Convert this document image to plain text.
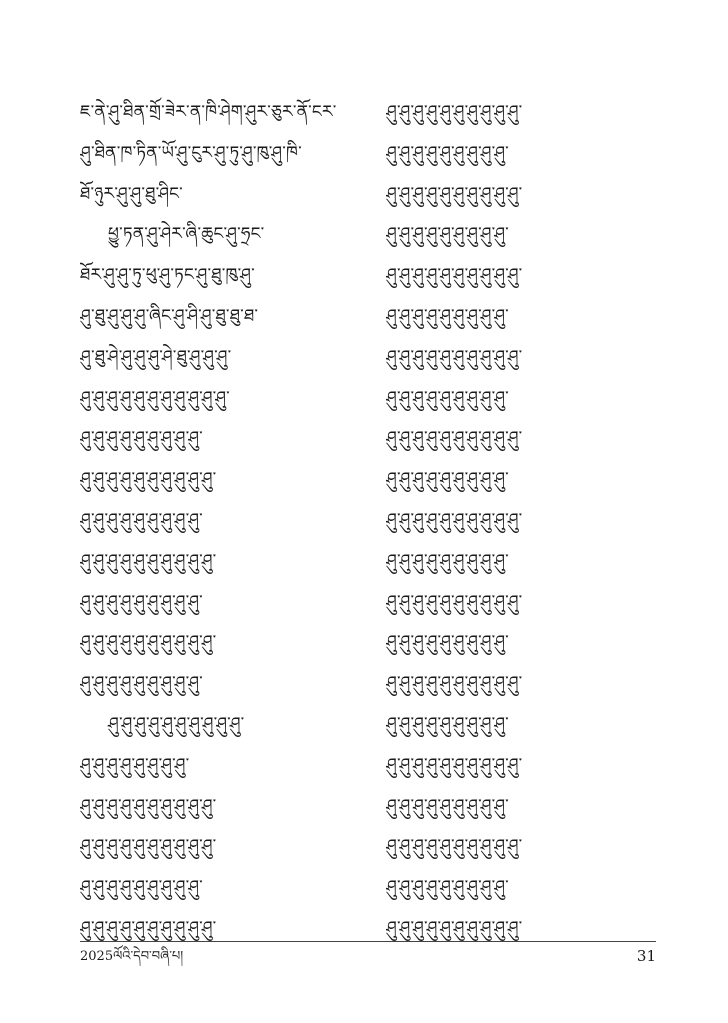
ཇ་ནེ་ཤུ་ཐིན་གྲོ་ཟེར་ན་ཁི་ཤེག་ཤུར་ཅུར་ནོ་ངར་
ཤུ་ཐིན་ཁ་ཏིན་ཡོ་ཤུ་ངུར་ཤུ་ཏུ་ཤུ་ཁུ་ཤུ་ཁི་
ཐོ་ཉུར་ཤུ་ཤུ་ཐུ་ཤིང་
ཕྱུ་ཏན་ཤུ་ཤེར་ཞི་ཆུང་ཤུ་ཧྲང་
ཐོར་ཤུ་ཤུ་ཏུ་ཕུ་ཤུ་ཏང་ཤུ་ཐུ་ཁུ་ཤུ་
ཤུ་ཐུ་ཤུ་ཤུ་ཤུ་ཞིང་ཤུ་ཤི་ཤུ་ཐུ་ཐུ་ཐ་
ཤུ་ཐུ་ཤེ་ཤུ་ཤུ་ཤུ་ཤེ་ཐུ་ཤུ་ཤུ་ཤུ་
ཤུ་ཤུ་ཤུ་ཤུ་ཤུ་ཤུ་ཤུ་ཤུ་ཤུ་ཤུ་ཤུ་
ཤུ་ཤུ་ཤུ་ཤུ་ཤུ་ཤུ་ཤུ་ཤུ་ཤུ་
ཤུ་ཤུ་ཤུ་ཤུ་ཤུ་ཤུ་ཤུ་ཤུ་ཤུ་ཤུ་
ཤུ་ཤུ་ཤུ་ཤུ་ཤུ་ཤུ་ཤུ་ཤུ་ཤུ་
ཤུ་ཤུ་ཤུ་ཤུ་ཤུ་ཤུ་ཤུ་ཤུ་ཤུ་ཤུ་
ཤུ་ཤུ་ཤུ་ཤུ་ཤུ་ཤུ་ཤུ་ཤུ་ཤུ་
ཤུ་ཤུ་ཤུ་ཤུ་ཤུ་ཤུ་ཤུ་ཤུ་ཤུ་ཤུ་
ཤུ་ཤུ་ཤུ་ཤུ་ཤུ་ཤུ་ཤུ་ཤུ་ཤུ་
ཤུ་ཤུ་ཤུ་ཤུ་ཤུ་ཤུ་ཤུ་ཤུ་ཤུ་ཤུ་
ཤུ་ཤུ་ཤུ་ཤུ་ཤུ་ཤུ་ཤུ་ཤུ་
ཤུ་ཤུ་ཤུ་ཤུ་ཤུ་ཤུ་ཤུ་ཤུ་ཤུ་ཤུ་
ཤུ་ཤུ་ཤུ་ཤུ་ཤུ་ཤུ་ཤུ་ཤུ་ཤུ་ཤུ་
ཤུ་ཤུ་ཤུ་ཤུ་ཤུ་ཤུ་ཤུ་ཤུ་ཤུ་
ཤུ་ཤུ་ཤུ་ཤུ་ཤུ་ཤུ་ཤུ་ཤུ་ཤུ་ཤུ་
ཤུ་ཤུ་ཤུ་ཤུ་ཤུ་ཤུ་ཤུ་ཤུ་ཤུ་ཤུ་
ཤུ་ཤུ་ཤུ་ཤུ་ཤུ་ཤུ་ཤུ་ཤུ་ཤུ་
ཤུ་ཤུ་ཤུ་ཤུ་ཤུ་ཤུ་ཤུ་ཤུ་ཤུ་ཤུ་
ཤུ་ཤུ་ཤུ་ཤུ་ཤུ་ཤུ་ཤུ་ཤུ་ཤུ་
ཤུ་ཤུ་ཤུ་ཤུ་ཤུ་ཤུ་ཤུ་ཤུ་ཤུ་ཤུ་
ཤུ་ཤུ་ཤུ་ཤུ་ཤུ་ཤུ་ཤུ་ཤུ་ཤུ་
ཤུ་ཤུ་ཤུ་ཤུ་ཤུ་ཤུ་ཤུ་ཤུ་ཤུ་ཤུ་
ཤུ་ཤུ་ཤུ་ཤུ་ཤུ་ཤུ་ཤུ་ཤུ་ཤུ་
ཤུ་ཤུ་ཤུ་ཤུ་ཤུ་ཤུ་ཤུ་ཤུ་ཤུ་ཤུ་
ཤུ་ཤུ་ཤུ་ཤུ་ཤུ་ཤུ་ཤུ་ཤུ་ཤུ་
ཤུ་ཤུ་ཤུ་ཤུ་ཤུ་ཤུ་ཤུ་ཤུ་ཤུ་ཤུ་
ཤུ་ཤུ་ཤུ་ཤུ་ཤུ་ཤུ་ཤུ་ཤུ་ཤུ་
ཤུ་ཤུ་ཤུ་ཤུ་ཤུ་ཤུ་ཤུ་ཤུ་ཤུ་ཤུ་
ཤུ་ཤུ་ཤུ་ཤུ་ཤུ་ཤུ་ཤུ་ཤུ་ཤུ་
ཤུ་ཤུ་ཤུ་ཤུ་ཤུ་ཤུ་ཤུ་ཤུ་ཤུ་ཤུ་
ཤུ་ཤུ་ཤུ་ཤུ་ཤུ་ཤུ་ཤུ་ཤུ་ཤུ་
ཤུ་ཤུ་ཤུ་ཤུ་ཤུ་ཤུ་ཤུ་ཤུ་ཤུ་ཤུ་
ཤུ་ཤུ་ཤུ་ཤུ་ཤུ་ཤུ་ཤུ་ཤུ་ཤུ་
ཤུ་ཤུ་ཤུ་ཤུ་ཤུ་ཤུ་ཤུ་ཤུ་ཤུ་ཤུ་
ཤུ་ཤུ་ཤུ་ཤུ་ཤུ་ཤུ་ཤུ་ཤུ་ཤུ་
ཤུ་ཤུ་ཤུ་ཤུ་ཤུ་ཤུ་ཤུ་ཤུ་ཤུ་ཤུ་
2025ལོའི་དེབ་བཞི་པ།	31
